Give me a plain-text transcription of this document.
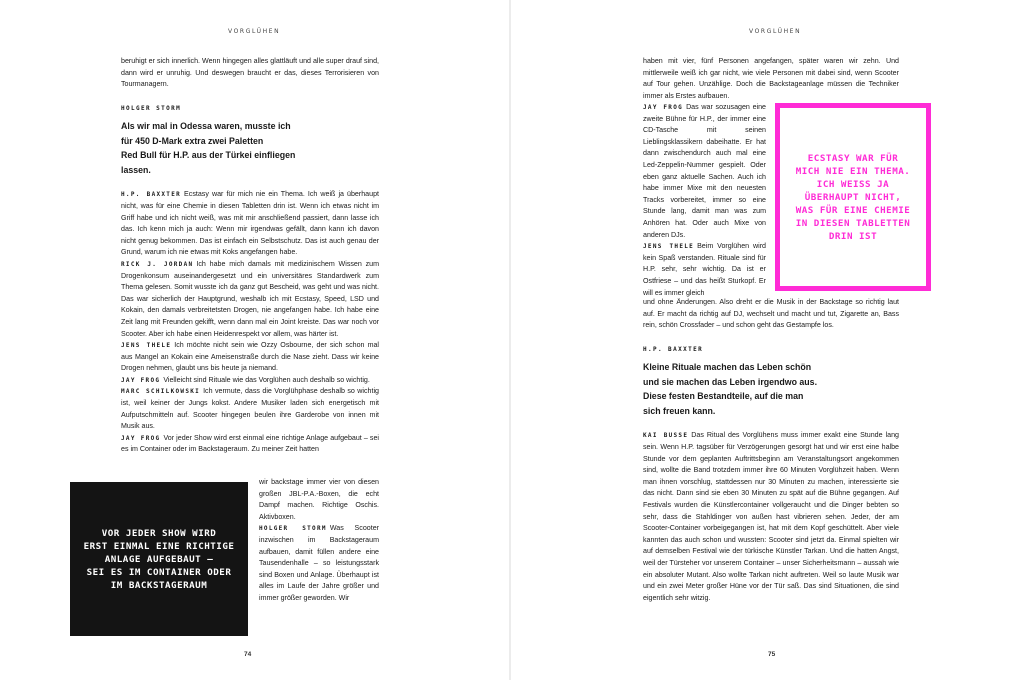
VORGLÜHEN

beruhigt er sich innerlich. Wenn hingegen alles glattläuft und alle super drauf sind, dann wird er unruhig. Und deswegen braucht er das, dieses Terrorisieren von Tourmanagern.

HOLGER STORM
Als wir mal in Odessa waren, musste ich
für 450 D-Mark extra zwei Paletten
Red Bull für H.P. aus der Türkei einfliegen
lassen.

H.P. BAXXTER Ecstasy war für mich nie ein Thema. Ich weiß ja überhaupt nicht, was für eine Chemie in diesen Tabletten drin ist. Wenn ich etwas nicht im Griff habe und ich nicht weiß, was mit mir anschließend passiert, dann lasse ich das. Ich kenn mich ja auch: Wenn mir irgendwas gefällt, dann kann ich davon nicht genug bekommen. Das ist einfach ein Selbstschutz. Das ist auch genau der Grund, warum ich nie etwas mit Koks angefangen habe.

RICK J. JORDAN Ich habe mich damals mit medizinischem Wissen zum Drogenkonsum auseinandergesetzt und ein universitäres Standardwerk zum Thema gelesen. Somit wusste ich da ganz gut Bescheid, was geht und was nicht. Das war sicherlich der Hauptgrund, weshalb ich mit Ecstasy, Speed, LSD und Kokain, den damals verbreitetsten Drogen, nie angefangen habe. Ich habe eine Zeit lang mit Freunden gekifft, wenn dann mal ein Joint kreiste. Das war noch vor Scooter. Aber ich habe einen Heidenrespekt vor allem, was härter ist.

JENS THELE Ich möchte nicht sein wie Ozzy Osbourne, der sich schon mal aus Mangel an Kokain eine Ameisenstraße durch die Nase zieht. Dass wir keine Drogen nehmen, glaubt uns bis heute ja niemand.

JAY FROG Vielleicht sind Rituale wie das Vorglühen auch deshalb so wichtig.

MARC SCHILKOWSKI Ich vermute, dass die Vorglühphase deshalb so wichtig ist, weil keiner der Jungs kokst. Andere Musiker laden sich energetisch mit Aufputschmitteln auf. Scooter hingegen beulen ihre Garderobe von innen mit Musik aus.

JAY FROG Vor jeder Show wird erst einmal eine richtige Anlage aufgebaut – sei es im Container oder im Backstageraum. Zu meiner Zeit hatten

wir backstage immer vier von diesen großen JBL-P.A.-Boxen, die echt Dampf machen. Richtige Oschis. Aktivboxen.

HOLGER STORM Was Scooter inzwischen im Backstageraum aufbauen, damit füllen andere eine Tausendenhalle – so leistungsstark sind Boxen und Anlage. Überhaupt ist alles im Laufe der Jahre größer und immer größer geworden. Wir

VOR JEDER SHOW WIRD
ERST EINMAL EINE RICHTIGE
ANLAGE AUFGEBAUT –
SEI ES IM CONTAINER ODER
IM BACKSTAGERAUM
74
VORGLÜHEN

haben mit vier, fünf Personen angefangen, später waren wir zehn. Und mittlerweile weiß ich gar nicht, wie viele Personen mit dabei sind, wenn Scooter auf Tour gehen. Unzählige. Doch die Backstageanlage müssen die Techniker immer als Erstes aufbauen.

JAY FROG Das war sozusagen eine zweite Bühne für H.P., der immer eine CD-Tasche mit seinen Lieblingsklassikern dabeihatte. Er hat dann zwischendurch auch mal eine Led-Zeppelin-Nummer gespielt. Oder eben ganz aktuelle Sachen. Auch ich habe immer Mixe mit den neuesten Tracks vorbereitet, immer so eine Stunde lang, damit man was zum Anhören hat. Oder auch Mixe von anderen DJs.

JENS THELE Beim Vorglühen wird kein Spaß verstanden. Rituale sind für H.P. sehr, sehr wichtig. Da ist er Ostfriese – und das heißt Sturkopf. Er will es immer gleich

und ohne Änderungen. Also dreht er die Musik in der Backstage so richtig laut auf. Er macht da richtig auf DJ, wechselt und macht und tut, Zigarette an, Bass rein, schön Crossfader – und schon geht das Gestampfe los.

H.P. BAXXTER
Kleine Rituale machen das Leben schön
und sie machen das Leben irgendwo aus.
Diese festen Bestandteile, auf die man
sich freuen kann.

KAI BUSSE Das Ritual des Vorglühens muss immer exakt eine Stunde lang sein. Wenn H.P. tagsüber für Verzögerungen gesorgt hat und wir erst eine halbe Stunde vor dem geplanten Auftrittsbeginn am Veranstaltungsort angekommen sind, wollte die Band trotzdem immer ihre 60 Minuten Vorglühzeit haben. Wenn man ihnen vorschlug, stattdessen nur 30 Minuten zu machen, interessierte sie das nicht. Dann sind sie eben 30 Minuten zu spät auf die Bühne gegangen. Auf Festivals wurden die Künstlercontainer vollgeraucht und die Dinger bebten so sehr, dass die Stahldinger von außen hast vibrieren sehen. Jeder, der am Scooter-Container vorbeigegangen ist, hat mit dem Kopf geschüttelt. Aber viele kannten das auch schon und wussten: Scooter sind jetzt da. Einmal spielten wir auf demselben Festival wie der türkische Künstler Tarkan. Und die hatten Angst, weil der Türsteher vor unserem Container – unser Sicherheitsmann – aussah wie ein absoluter Mutant. Also wollte Tarkan nicht auftreten. Weil so laute Musik war und ein zwei Meter großer Hüne vor der Tür saß. Das sind Situationen, die sind eigentlich sehr witzig.

75
ECSTASY WAR FÜR
MICH NIE EIN THEMA.
ICH WEISS JA
ÜBERHAUPT NICHT,
WAS FÜR EINE CHEMIE
IN DIESEN TABLETTEN
DRIN IST
